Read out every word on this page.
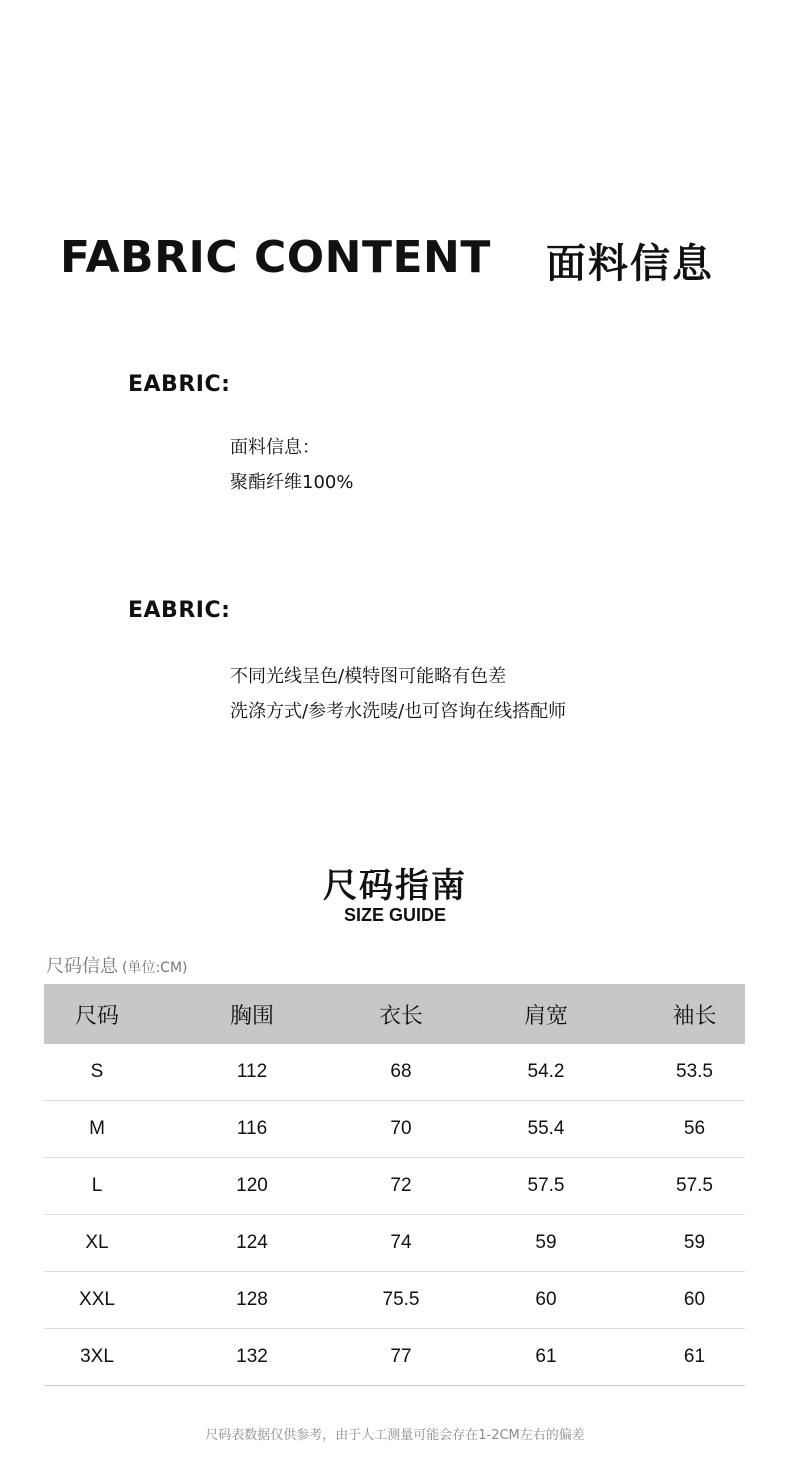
FABRIC CONTENT 面料信息
EABRIC:
面料信息：
聚酯纤维100%
EABRIC:
不同光线呈色/模特图可能略有色差
洗涤方式/参考水洗唛/也可咨询在线搭配师
尺码指南
SIZE GUIDE
尺码信息 (单位:CM)
尺码	胸围	衣长	肩宽	袖长
S	112	68	54.2	53.5
M	116	70	55.4	56
L	120	72	57.5	57.5
XL	124	74	59	59
XXL	128	75.5	60	60
3XL	132	77	61	61
尺码表数据仅供参考，由于人工测量可能会存在1-2CM左右的偏差
